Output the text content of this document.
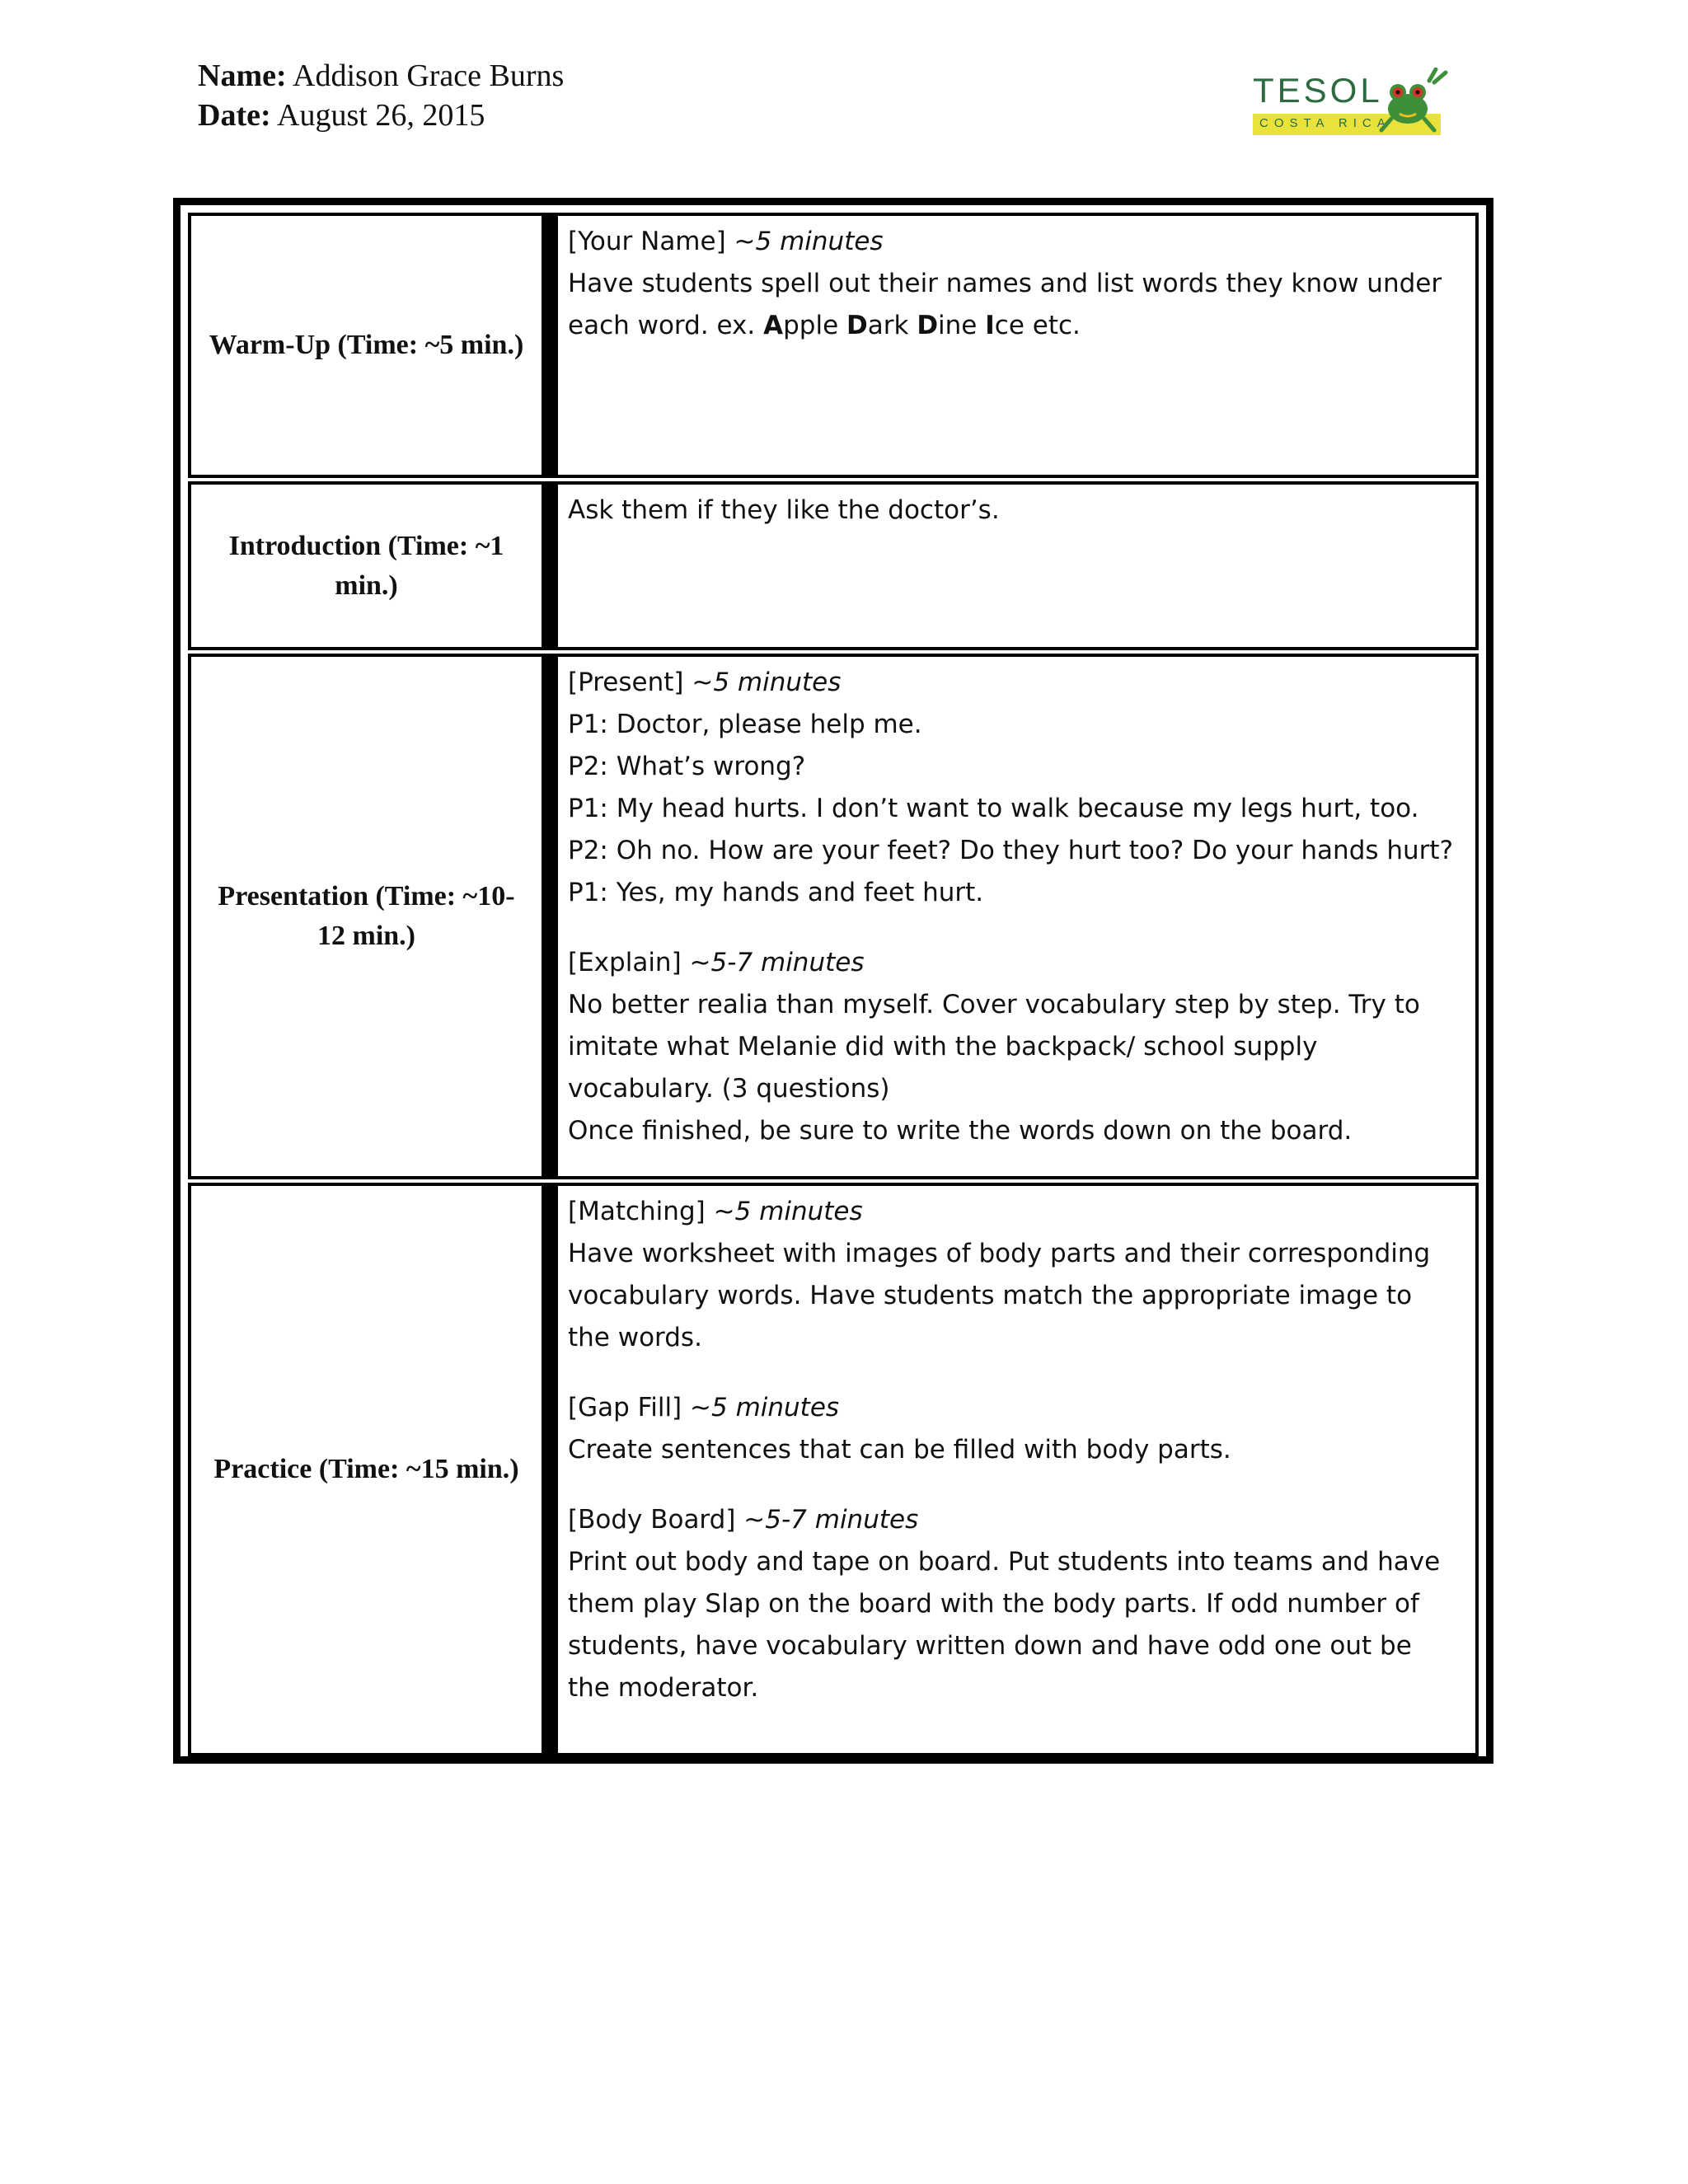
Name: Addison Grace Burns
Date: August 26, 2015
TESOL
COSTA RICA
Warm-Up (Time: ~5 min.)

[Your Name] ~5 minutes

Have students spell out their names and list words they know under each word. ex. Apple Dark Dine Ice etc.

Introduction (Time: ~1 min.)

Ask them if they like the doctor’s.

Presentation (Time: ~10-12 min.)

[Present] ~5 minutes

P1: Doctor, please help me.

P2: What’s wrong?

P1: My head hurts. I don’t want to walk because my legs hurt, too.

P2: Oh no. How are your feet? Do they hurt too? Do your hands hurt?

P1: Yes, my hands and feet hurt.

[Explain] ~5-7 minutes

No better realia than myself. Cover vocabulary step by step. Try to imitate what Melanie did with the backpack/ school supply vocabulary. (3 questions)

Once finished, be sure to write the words down on the board.

Practice (Time: ~15 min.)

[Matching] ~5 minutes

Have worksheet with images of body parts and their corresponding vocabulary words. Have students match the appropriate image to the words.

[Gap Fill] ~5 minutes

Create sentences that can be filled with body parts.

[Body Board] ~5-7 minutes

Print out body and tape on board. Put students into teams and have them play Slap on the board with the body parts. If odd number of students, have vocabulary written down and have odd one out be the moderator.
